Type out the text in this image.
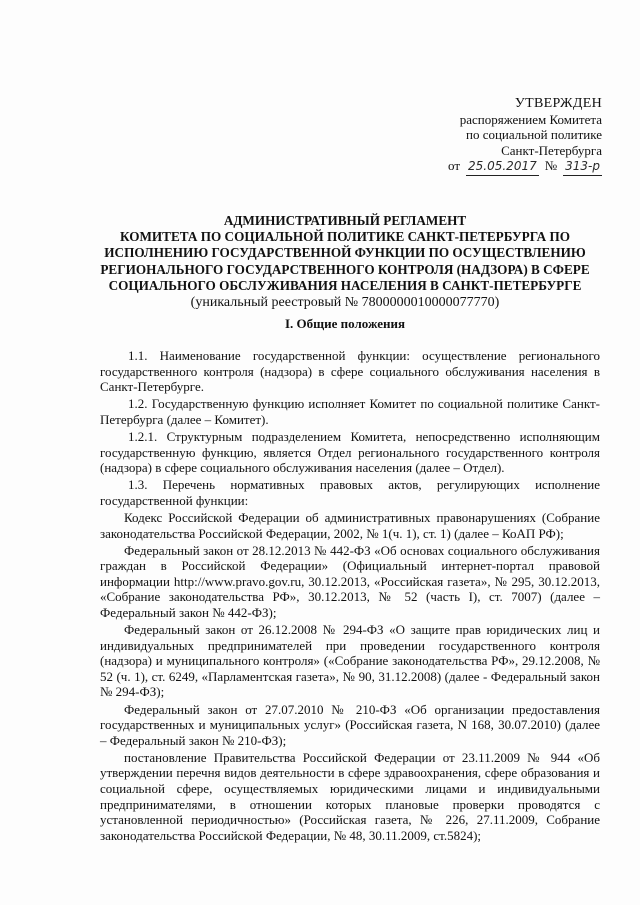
УТВЕРЖДЕН
распоряжением Комитета
по социальной политике
Санкт-Петербурга
от 25.05.2017 № 313-р
АДМИНИСТРАТИВНЫЙ РЕГЛАМЕНТ
КОМИТЕТА ПО СОЦИАЛЬНОЙ ПОЛИТИКЕ САНКТ-ПЕТЕРБУРГА ПО
ИСПОЛНЕНИЮ ГОСУДАРСТВЕННОЙ ФУНКЦИИ ПО ОСУЩЕСТВЛЕНИЮ
РЕГИОНАЛЬНОГО ГОСУДАРСТВЕННОГО КОНТРОЛЯ (НАДЗОРА) В СФЕРЕ
СОЦИАЛЬНОГО ОБСЛУЖИВАНИЯ НАСЕЛЕНИЯ В САНКТ-ПЕТЕРБУРГЕ
(уникальный реестровый № 7800000010000077770)
I. Общие положения

1.1. Наименование государственной функции: осуществление регионального государственного контроля (надзора) в сфере социального обслуживания населения в Санкт-Петербурге.

1.2. Государственную функцию исполняет Комитет по социальной политике Санкт-Петербурга (далее – Комитет).

1.2.1. Структурным подразделением Комитета, непосредственно исполняющим государственную функцию, является Отдел регионального государственного контроля (надзора) в сфере социального обслуживания населения (далее – Отдел).

1.3. Перечень нормативных правовых актов, регулирующих исполнение государственной функции:

Кодекс Российской Федерации об административных правонарушениях (Собрание законодательства Российской Федерации, 2002, № 1(ч. 1), ст. 1) (далее – КоАП РФ);

Федеральный закон от 28.12.2013 № 442-ФЗ «Об основах социального обслуживания граждан в Российской Федерации» (Официальный интернет-портал правовой информации http://www.pravo.gov.ru, 30.12.2013, «Российская газета», № 295, 30.12.2013, «Собрание законодательства РФ», 30.12.2013, № 52 (часть I), ст. 7007) (далее – Федеральный закон № 442-ФЗ);

Федеральный закон от 26.12.2008 № 294-ФЗ «О защите прав юридических лиц и индивидуальных предпринимателей при проведении государственного контроля (надзора) и муниципального контроля» («Собрание законодательства РФ», 29.12.2008, № 52 (ч. 1), ст. 6249, «Парламентская газета», № 90, 31.12.2008) (далее - Федеральный закон № 294-ФЗ);

Федеральный закон от 27.07.2010 № 210-ФЗ «Об организации предоставления государственных и муниципальных услуг» (Российская газета, N 168, 30.07.2010) (далее – Федеральный закон № 210-ФЗ);

постановление Правительства Российской Федерации от 23.11.2009 № 944 «Об утверждении перечня видов деятельности в сфере здравоохранения, сфере образования и социальной сфере, осуществляемых юридическими лицами и индивидуальными предпринимателями, в отношении которых плановые проверки проводятся с установленной периодичностью» (Российская газета, № 226, 27.11.2009, Собрание законодательства Российской Федерации, № 48, 30.11.2009, ст.5824);
